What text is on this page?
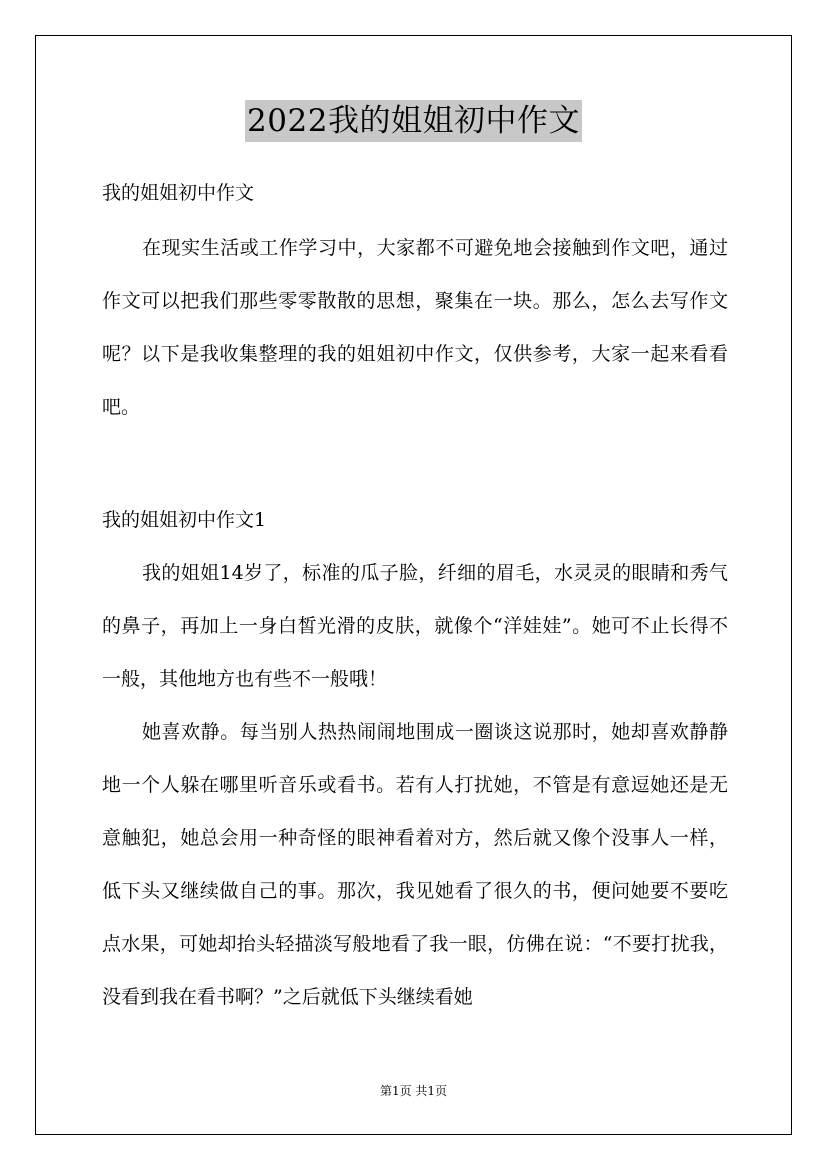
2022我的姐姐初中作文
我的姐姐初中作文
在现实生活或工作学习中，大家都不可避免地会接触到作文吧，通过作文可以把我们那些零零散散的思想，聚集在一块。那么，怎么去写作文呢？以下是我收集整理的我的姐姐初中作文，仅供参考，大家一起来看看吧。
我的姐姐初中作文1
我的姐姐14岁了，标准的瓜子脸，纤细的眉毛，水灵灵的眼睛和秀气的鼻子，再加上一身白皙光滑的皮肤，就像个“洋娃娃”。她可不止长得不一般，其他地方也有些不一般哦！
她喜欢静。每当别人热热闹闹地围成一圈谈这说那时，她却喜欢静静地一个人躲在哪里听音乐或看书。若有人打扰她，不管是有意逗她还是无意触犯，她总会用一种奇怪的眼神看着对方，然后就又像个没事人一样，低下头又继续做自己的事。那次，我见她看了很久的书，便问她要不要吃点水果，可她却抬头轻描淡写般地看了我一眼，仿佛在说：“不要打扰我，没看到我在看书啊？”之后就低下头继续看她
第1页 共1页
